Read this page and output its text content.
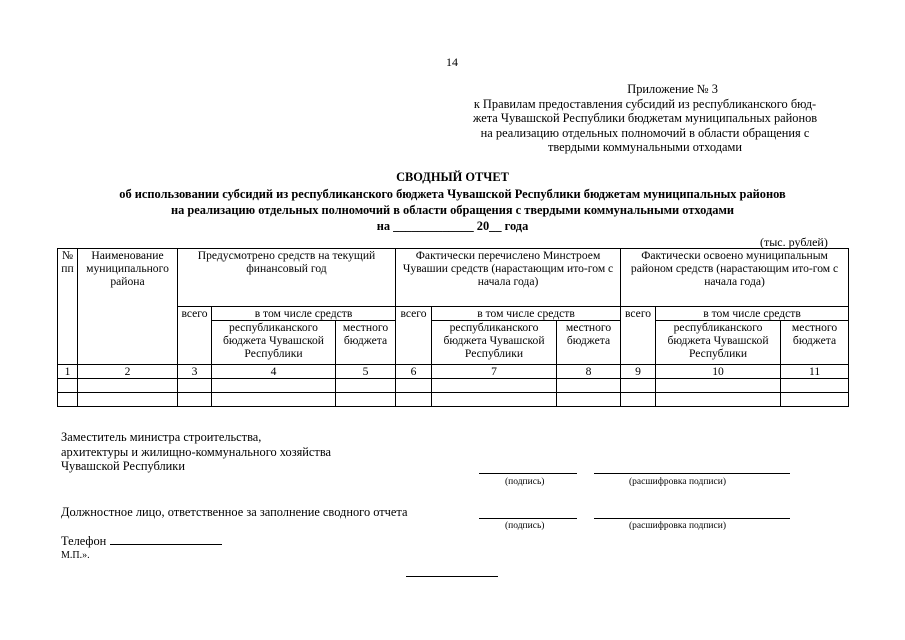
14
Приложение № 3
к Правилам предоставления субсидий из республиканского бюд-
жета Чувашской Республики бюджетам муниципальных районов
на реализацию отдельных полномочий в области обращения с
твердыми коммунальными отходами
СВОДНЫЙ ОТЧЕТ
об использовании субсидий из республиканского бюджета Чувашской Республики бюджетам муниципальных районов
на реализацию отдельных полномочий в области обращения с твердыми коммунальными отходами
на _____________ 20__ года
(тыс. рублей)
№ пп	Наименование муниципального района	Предусмотрено средств на текущий финансовый год			Фактически перечислено Минстроем Чувашии средств (нарастающим ито-гом с начала года)			Фактически освоено муниципальным районом средств (нарастающим ито-гом с начала года)		
		всего	в том числе средств		всего	в том числе средств		всего	в том числе средств	
			республиканского бюджета Чувашской Республики	местного бюджета		республиканского бюджета Чувашской Республики	местного бюджета		республиканского бюджета Чувашской Республики	местного бюджета
1	2	3	4	5	6	7	8	9	10	11

Заместитель министра строительства,
архитектуры и жилищно-коммунального хозяйства
Чувашской Республики
(подпись)	(расшифровка подписи)
Должностное лицо, ответственное за заполнение сводного отчета
(подпись)	(расшифровка подписи)
Телефон
М.П.».
